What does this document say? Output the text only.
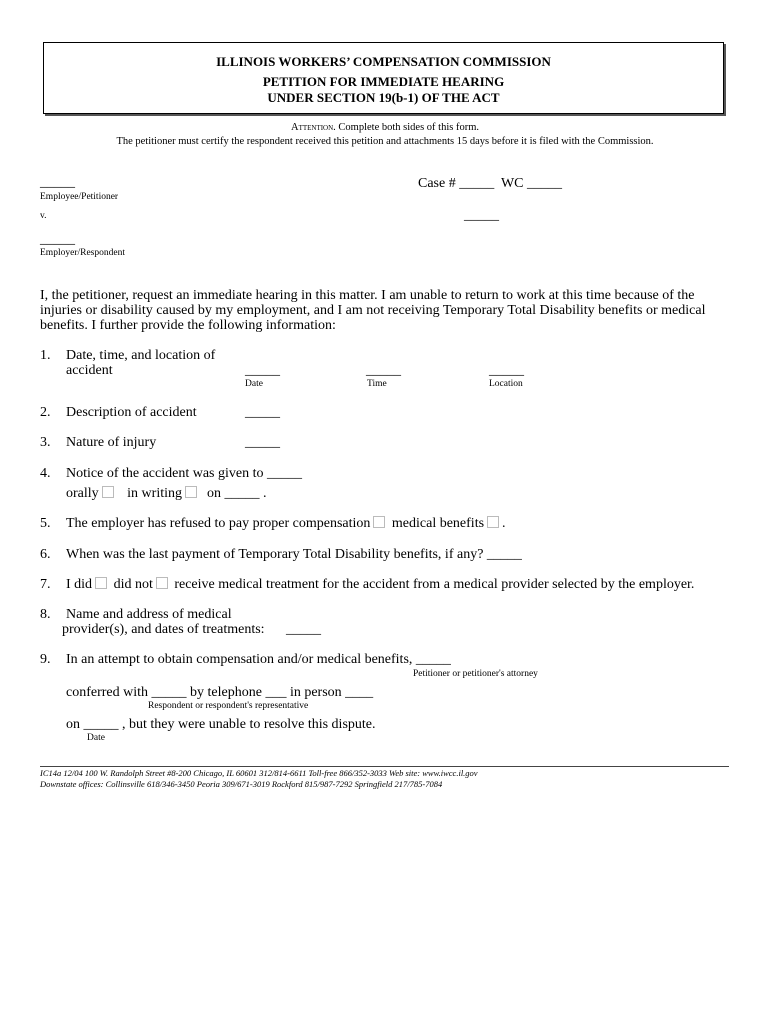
ILLINOIS WORKERS’ COMPENSATION COMMISSION
PETITION FOR IMMEDIATE HEARING
UNDER SECTION 19(b-1) OF THE ACT
Attention. Complete both sides of this form.
The petitioner must certify the respondent received this petition and attachments 15 days before it is filed with the Commission.
_____
Employee/Petitioner
v.
_____
Employer/Respondent
Case # _____ WC _____
_____
I, the petitioner, request an immediate hearing in this matter. I am unable to return to work at this time because of the injuries or disability caused by my employment, and I am not receiving Temporary Total Disability benefits or medical benefits. I further provide the following information:
1. Date, time, and location of
accident	_____	_____	_____
Date	Time	Location
2. Description of accident	_____
3. Nature of injury	_____
4. Notice of the accident was given to _____
orally in writing on _____ .
5. The employer has refused to pay proper compensation medical benefits .
6. When was the last payment of Temporary Total Disability benefits, if any? _____
7. I did did not receive medical treatment for the accident from a medical provider selected by the employer.
8. Name and address of medical
provider(s), and dates of treatments: _____
9. In an attempt to obtain compensation and/or medical benefits, _____
Petitioner or petitioner's attorney
conferred with _____ by telephone ___ in person ____
Respondent or respondent's representative
on _____ , but they were unable to resolve this dispute.
Date
IC14a 12/04 100 W. Randolph Street #8-200 Chicago, IL 60601 312/814-6611 Toll-free 866/352-3033 Web site: www.iwcc.il.gov
Downstate offices: Collinsville 618/346-3450 Peoria 309/671-3019 Rockford 815/987-7292 Springfield 217/785-7084
